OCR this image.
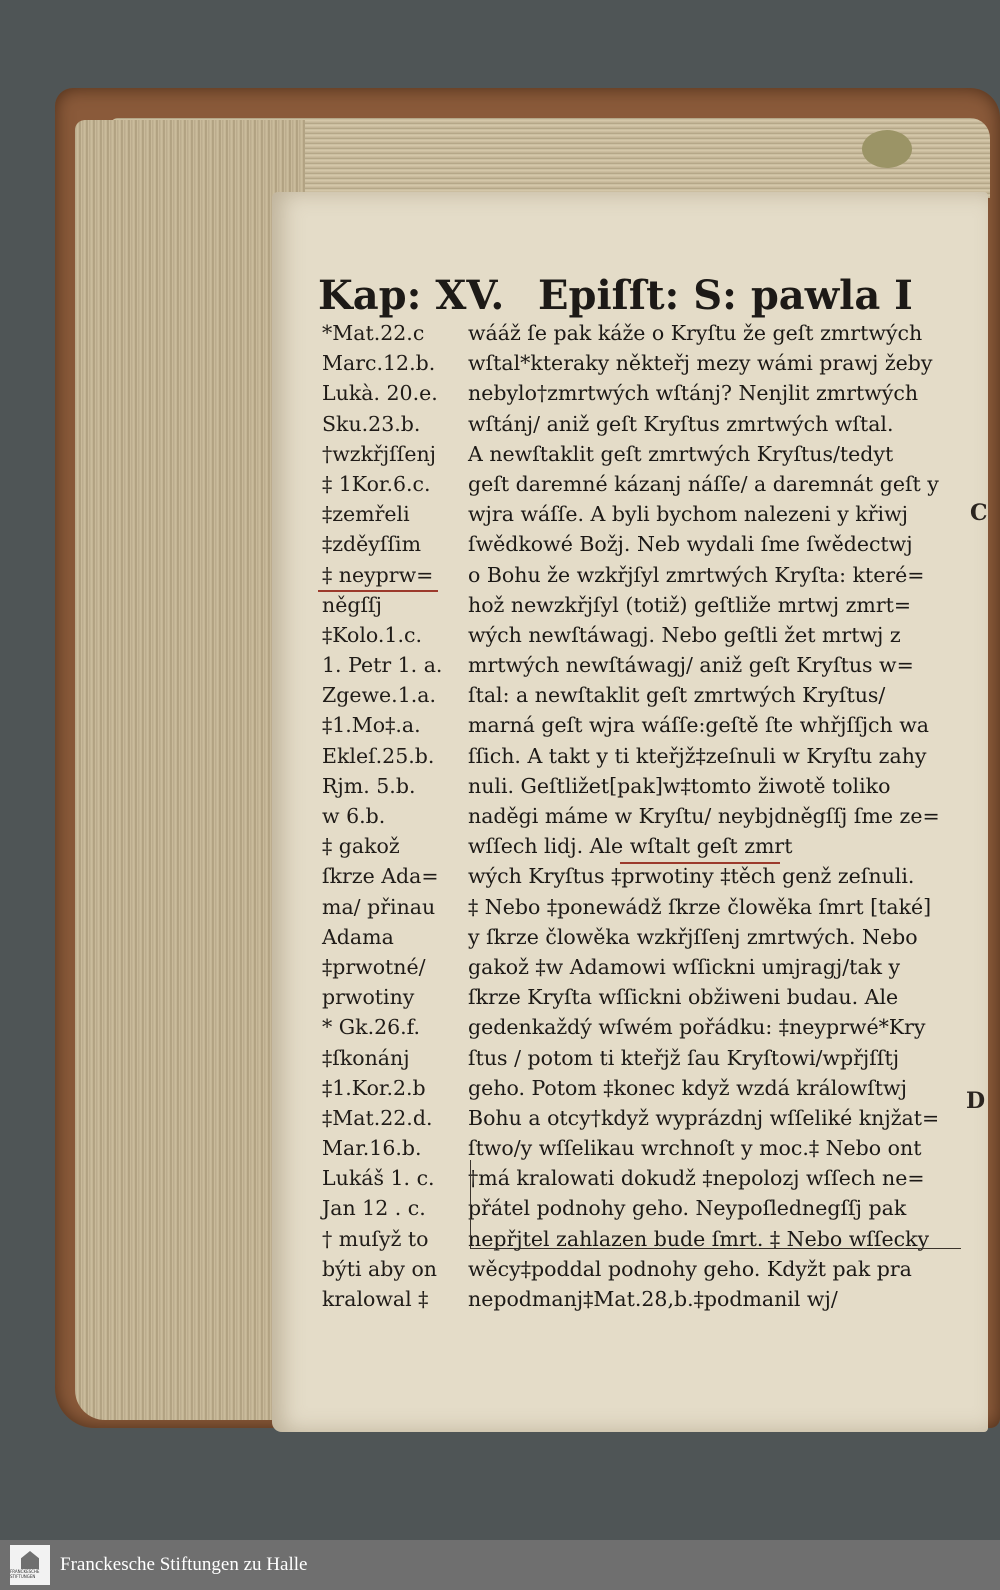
Kap: XV. Epiſſt: S: pawla I
*Mat.22.c
Marc.12.b.
Lukà. 20.e.
Sku.23.b.
†wzkřjſſenj
‡ 1Kor.6.c.
‡zemřeli
‡zděyſſim
‡ neyprw=
něgſſj
‡Kolo.1.c.
1. Petr 1. a.
Zgewe.1.a.
‡1.Mo‡.a.
Ekleſ.25.b.
Rjm. 5.b.
w 6.b.
‡ gakož
ſkrze Ada=
ma/ přinau
Adama
‡prwotné/
prwotiny
* Gk.26.f.
‡ſkonánj
‡1.Kor.2.b
‡Mat.22.d.
Mar.16.b.
Lukáš 1. c.
Jan 12 . c.
† muſyž to
býti aby on
kralowal ‡
wááž ſe pak káže o Kryſtu že geſt zmrtwých
wſtal*kteraky někteřj mezy wámi prawj žeby
nebylo†zmrtwých wſtánj? Nenjlit zmrtwých
wſtánj/ aniž geſt Kryſtus zmrtwých wſtal.
A newſtaklit geſt zmrtwých Kryſtus/tedyt
geſt daremné kázanj náſſe/ a daremnát geſt y
wjra wáſſe. A byli bychom nalezeni y křiwj
ſwědkowé Božj. Neb wydali ſme ſwědectwj
o Bohu že wzkřjſyl zmrtwých Kryſta: které=
hož newzkřjſyl (totiž) geſtliže mrtwj zmrt=
wých newſtáwagj. Nebo geſtli žet mrtwj z
mrtwých newſtáwagj/ aniž geſt Kryſtus w=
ſtal: a newſtaklit geſt zmrtwých Kryſtus/
marná geſt wjra wáſſe:geſtě ſte whřjſſjch wa
ſſich. A takt y ti kteřjž‡zeſnuli w Kryſtu zahy
nuli. Geſtližet[pak]w‡tomto žiwotě toliko
naděgi máme w Kryſtu/ neybjdněgſſj ſme ze=
wſſech lidj. Ale wſtalt geſt zmrt
wých Kryſtus ‡prwotiny ‡těch genž zeſnuli.
‡ Nebo ‡ponewádž ſkrze člowěka ſmrt [také]
y ſkrze člowěka wzkřjſſenj zmrtwých. Nebo
gakož ‡w Adamowi wſſickni umjragj/tak y
ſkrze Kryſta wſſickni obžiweni budau. Ale
gedenkaždý wſwém pořádku: ‡neyprwé*Kry
ſtus / potom ti kteřjž ſau Kryſtowi/wpřjſſtj
geho. Potom ‡konec když wzdá králowſtwj
Bohu a otcy†když wyprázdnj wſſeliké knjžat=
ſtwo/y wſſelikau wrchnoſt y moc.‡ Nebo ont
†má kralowati dokudž ‡nepolozj wſſech ne=
přátel podnohy geho. Neypoſlednegſſj pak
nepřjtel zahlazen bude ſmrt. ‡ Nebo wſſecky
wěcy‡poddal podnohy geho. Kdyžt pak pra
nepodmanj‡Mat.28,b.‡podmanil wj/
C
D
FRANCKESCHE STIFTUNGEN
Franckesche Stiftungen zu Halle
